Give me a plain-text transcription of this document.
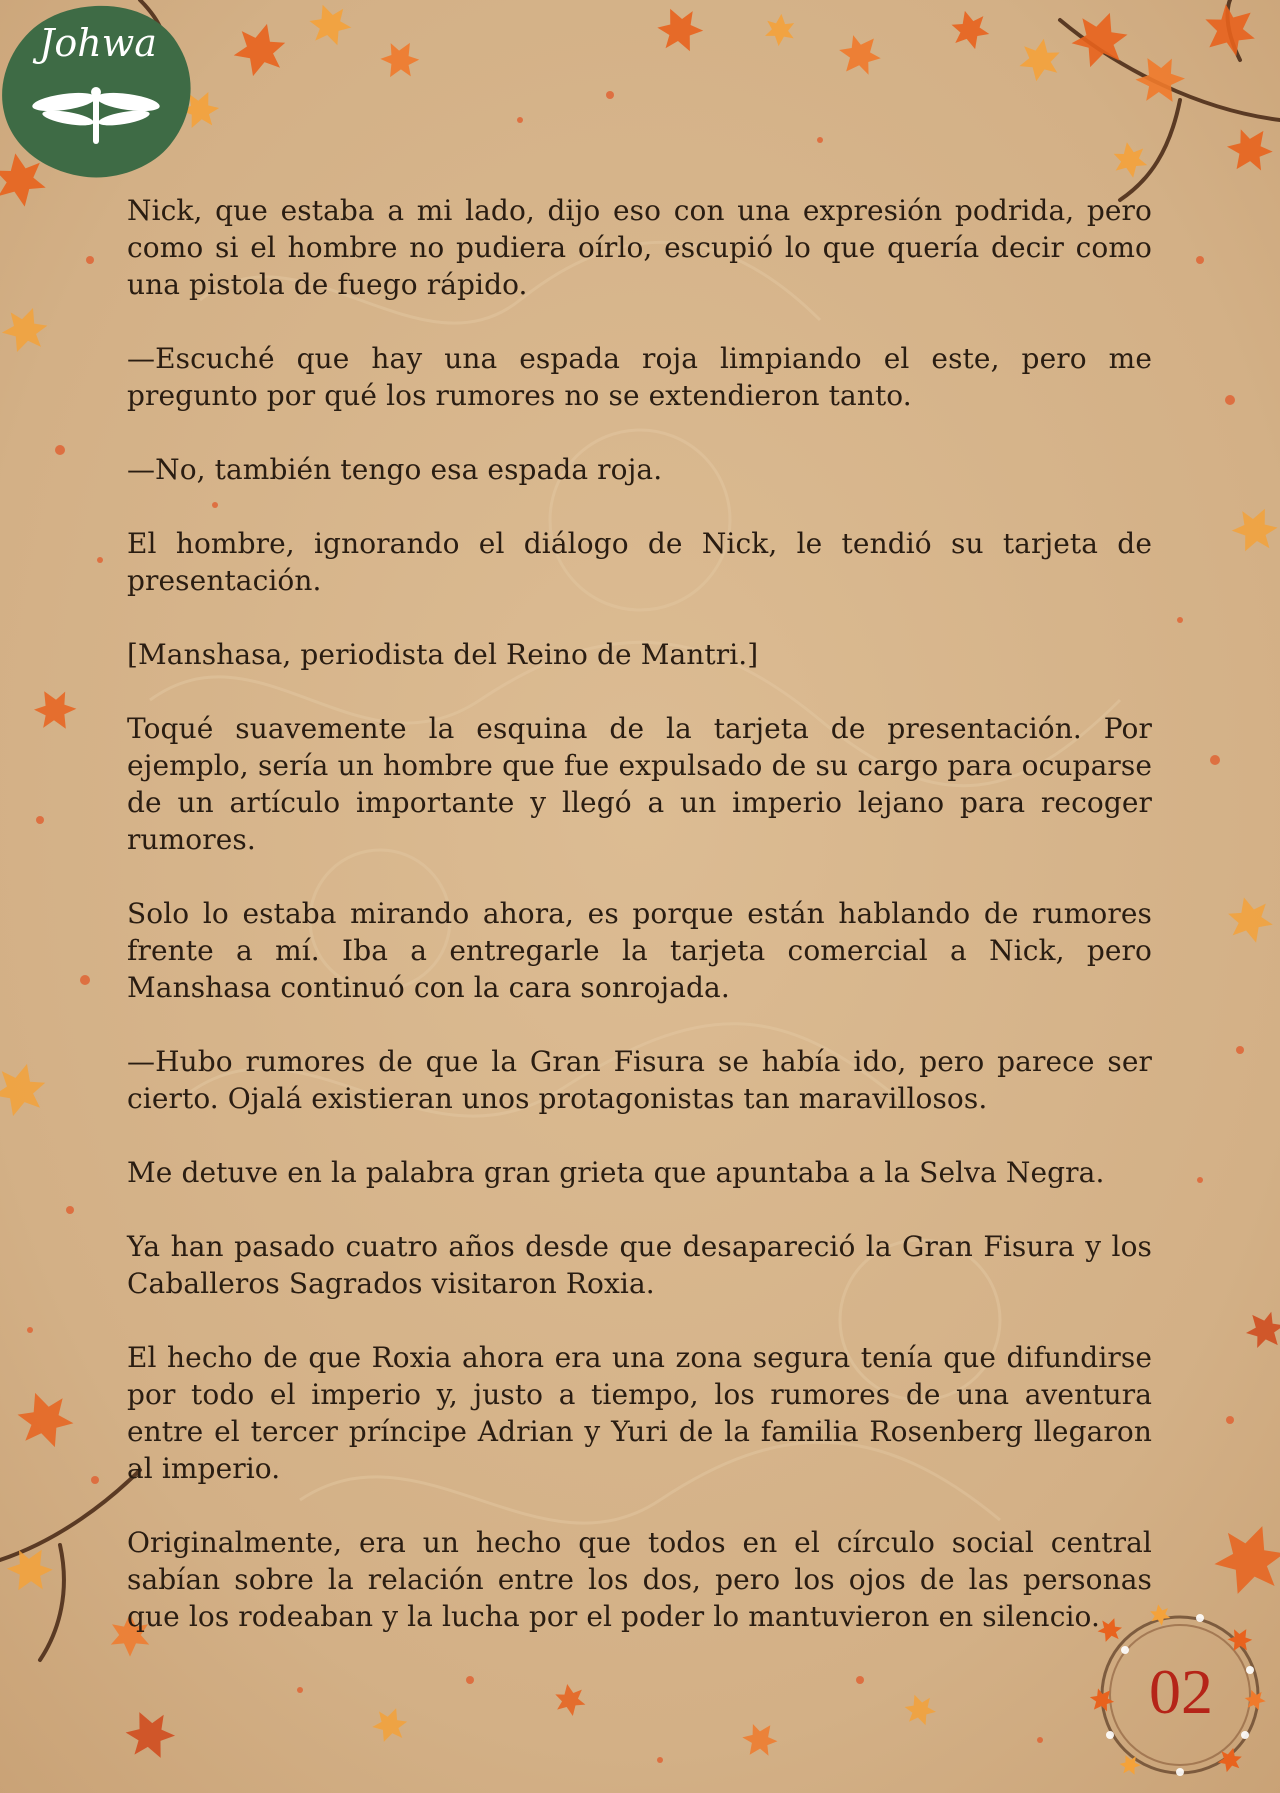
Johwa

Nick, que estaba a mi lado, dijo eso con una expresión podrida, pero como si el hombre no pudiera oírlo, escupió lo que quería decir como una pistola de fuego rápido.

—Escuché que hay una espada roja limpiando el este, pero me pregunto por qué los rumores no se extendieron tanto.

—No, también tengo esa espada roja.

El hombre, ignorando el diálogo de Nick, le tendió su tarjeta de presentación.

[Manshasa, periodista del Reino de Mantri.]

Toqué suavemente la esquina de la tarjeta de presentación. Por ejemplo, sería un hombre que fue expulsado de su cargo para ocuparse de un artículo importante y llegó a un imperio lejano para recoger rumores.

Solo lo estaba mirando ahora, es porque están hablando de rumores frente a mí. Iba a entregarle la tarjeta comercial a Nick, pero Manshasa continuó con la cara sonrojada.

—Hubo rumores de que la Gran Fisura se había ido, pero parece ser cierto. Ojalá existieran unos protagonistas tan maravillosos.

Me detuve en la palabra gran grieta que apuntaba a la Selva Negra.

Ya han pasado cuatro años desde que desapareció la Gran Fisura y los Caballeros Sagrados visitaron Roxia.

El hecho de que Roxia ahora era una zona segura tenía que difundirse por todo el imperio y, justo a tiempo, los rumores de una aventura entre el tercer príncipe Adrian y Yuri de la familia Rosenberg llegaron al imperio.

Originalmente, era un hecho que todos en el círculo social central sabían sobre la relación entre los dos, pero los ojos de las personas que los rodeaban y la lucha por el poder lo mantuvieron en silencio.

02
